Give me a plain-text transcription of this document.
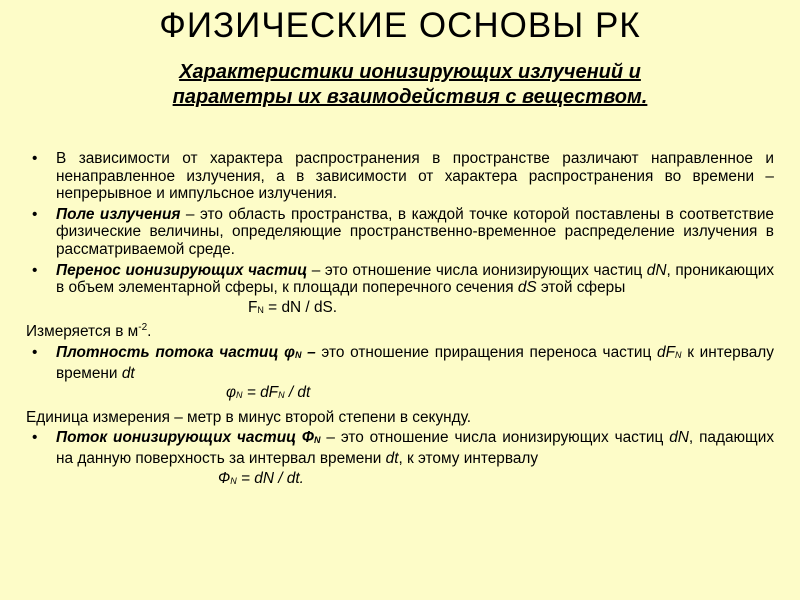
ФИЗИЧЕСКИЕ ОСНОВЫ РК
Характеристики ионизирующих излучений и
параметры их взаимодействия с веществом.
• В зависимости от характера распространения в пространстве различают направленное и ненаправленное излучения, а в зависимости от характера распространения во времени – непрерывное и импульсное излучения.
• Поле излучения – это область пространства, в каждой точке которой поставлены в соответствие физические величины, определяющие пространственно-временное распределение излучения в рассматриваемой среде.
• Перенос ионизирующих частиц – это отношение числа ионизирующих частиц dN, проникающих в объем элементарной сферы, к площади поперечного сечения dS этой сферы
$F_N$ = dN / dS.
Измеряется в $м^{-2}$.
• Плотность потока частиц $\varphi_N$ – это отношение приращения переноса частиц $dF_N$ к интервалу времени dt
$\varphi_N = dF_N$ / dt
Единица измерения – метр в минус второй степени в секунду.
• Поток ионизирующих частиц $Ф_N$ – это отношение числа ионизирующих частиц dN, падающих на данную поверхность за интервал времени dt, к этому интервалу
$Ф_N$ = dN / dt.
